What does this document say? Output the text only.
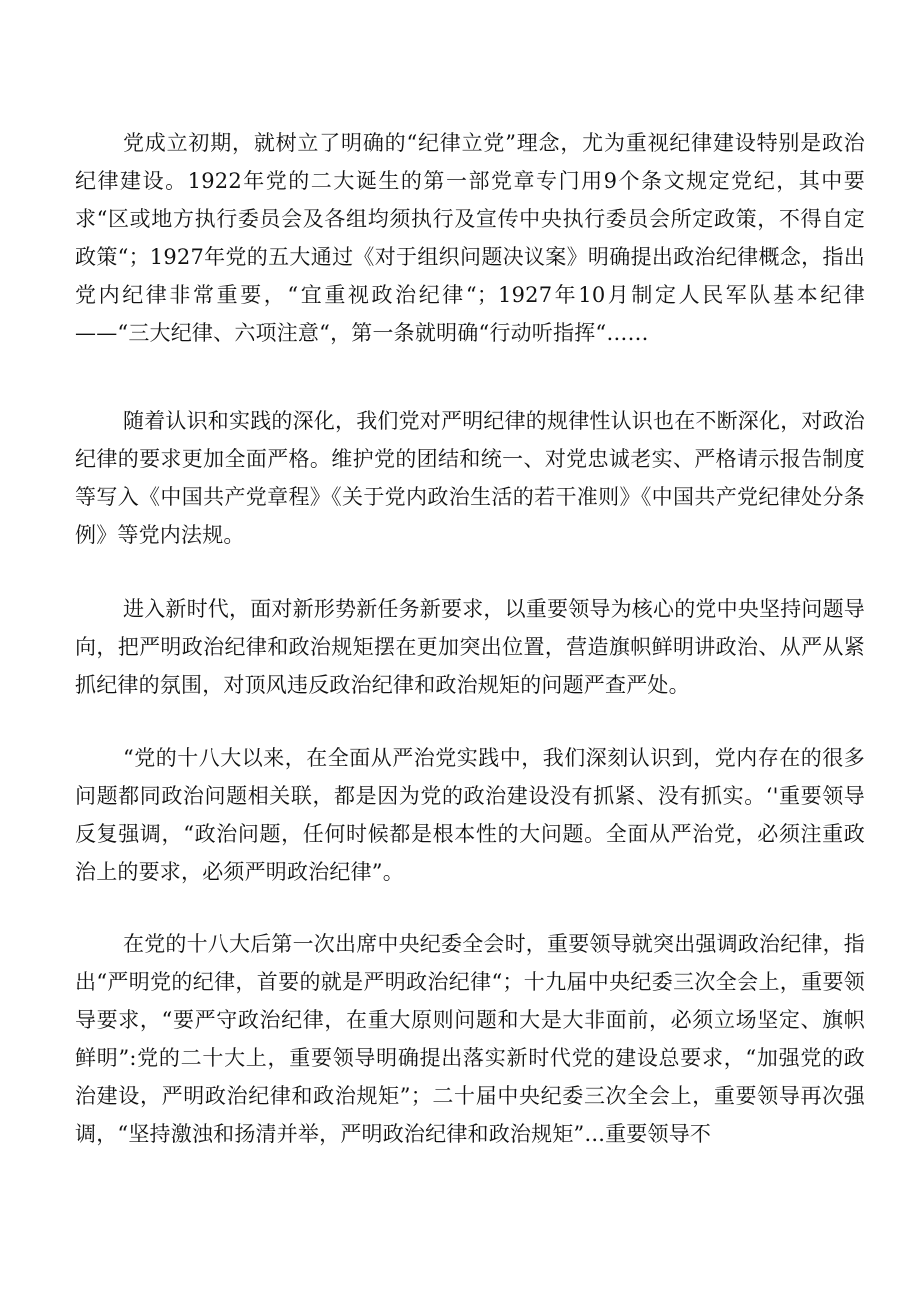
党成立初期，就树立了明确的“纪律立党”理念，尤为重视纪律建设特别是政治纪律建设。1922年党的二大诞生的第一部党章专门用9个条文规定党纪，其中要求“区或地方执行委员会及各组均须执行及宣传中央执行委员会所定政策，不得自定政策“；1927年党的五大通过《对于组织问题决议案》明确提出政治纪律概念，指出党内纪律非常重要，“宜重视政治纪律“；1927年10月制定人民军队基本纪律——“三大纪律、六项注意“，第一条就明确“行动听指挥“……

随着认识和实践的深化，我们党对严明纪律的规律性认识也在不断深化，对政治纪律的要求更加全面严格。维护党的团结和统一、对党忠诚老实、严格请示报告制度等写入《中国共产党章程》《关于党内政治生活的若干准则》《中国共产党纪律处分条例》等党内法规。

进入新时代，面对新形势新任务新要求，以重要领导为核心的党中央坚持问题导向，把严明政治纪律和政治规矩摆在更加突出位置，营造旗帜鲜明讲政治、从严从紧抓纪律的氛围，对顶风违反政治纪律和政治规矩的问题严查严处。

“党的十八大以来，在全面从严治党实践中，我们深刻认识到，党内存在的很多问题都同政治问题相关联，都是因为党的政治建设没有抓紧、没有抓实。‘'重要领导反复强调，“政治问题，任何时候都是根本性的大问题。全面从严治党，必须注重政治上的要求，必须严明政治纪律”。

在党的十八大后第一次出席中央纪委全会时，重要领导就突出强调政治纪律，指出“严明党的纪律，首要的就是严明政治纪律“；十九届中央纪委三次全会上，重要领导要求，“要严守政治纪律，在重大原则问题和大是大非面前，必须立场坚定、旗帜鲜明”:党的二十大上，重要领导明确提出落实新时代党的建设总要求，“加强党的政治建设，严明政治纪律和政治规矩”；二十届中央纪委三次全会上，重要领导再次强调，“坚持激浊和扬清并举，严明政治纪律和政治规矩”...重要领导不
